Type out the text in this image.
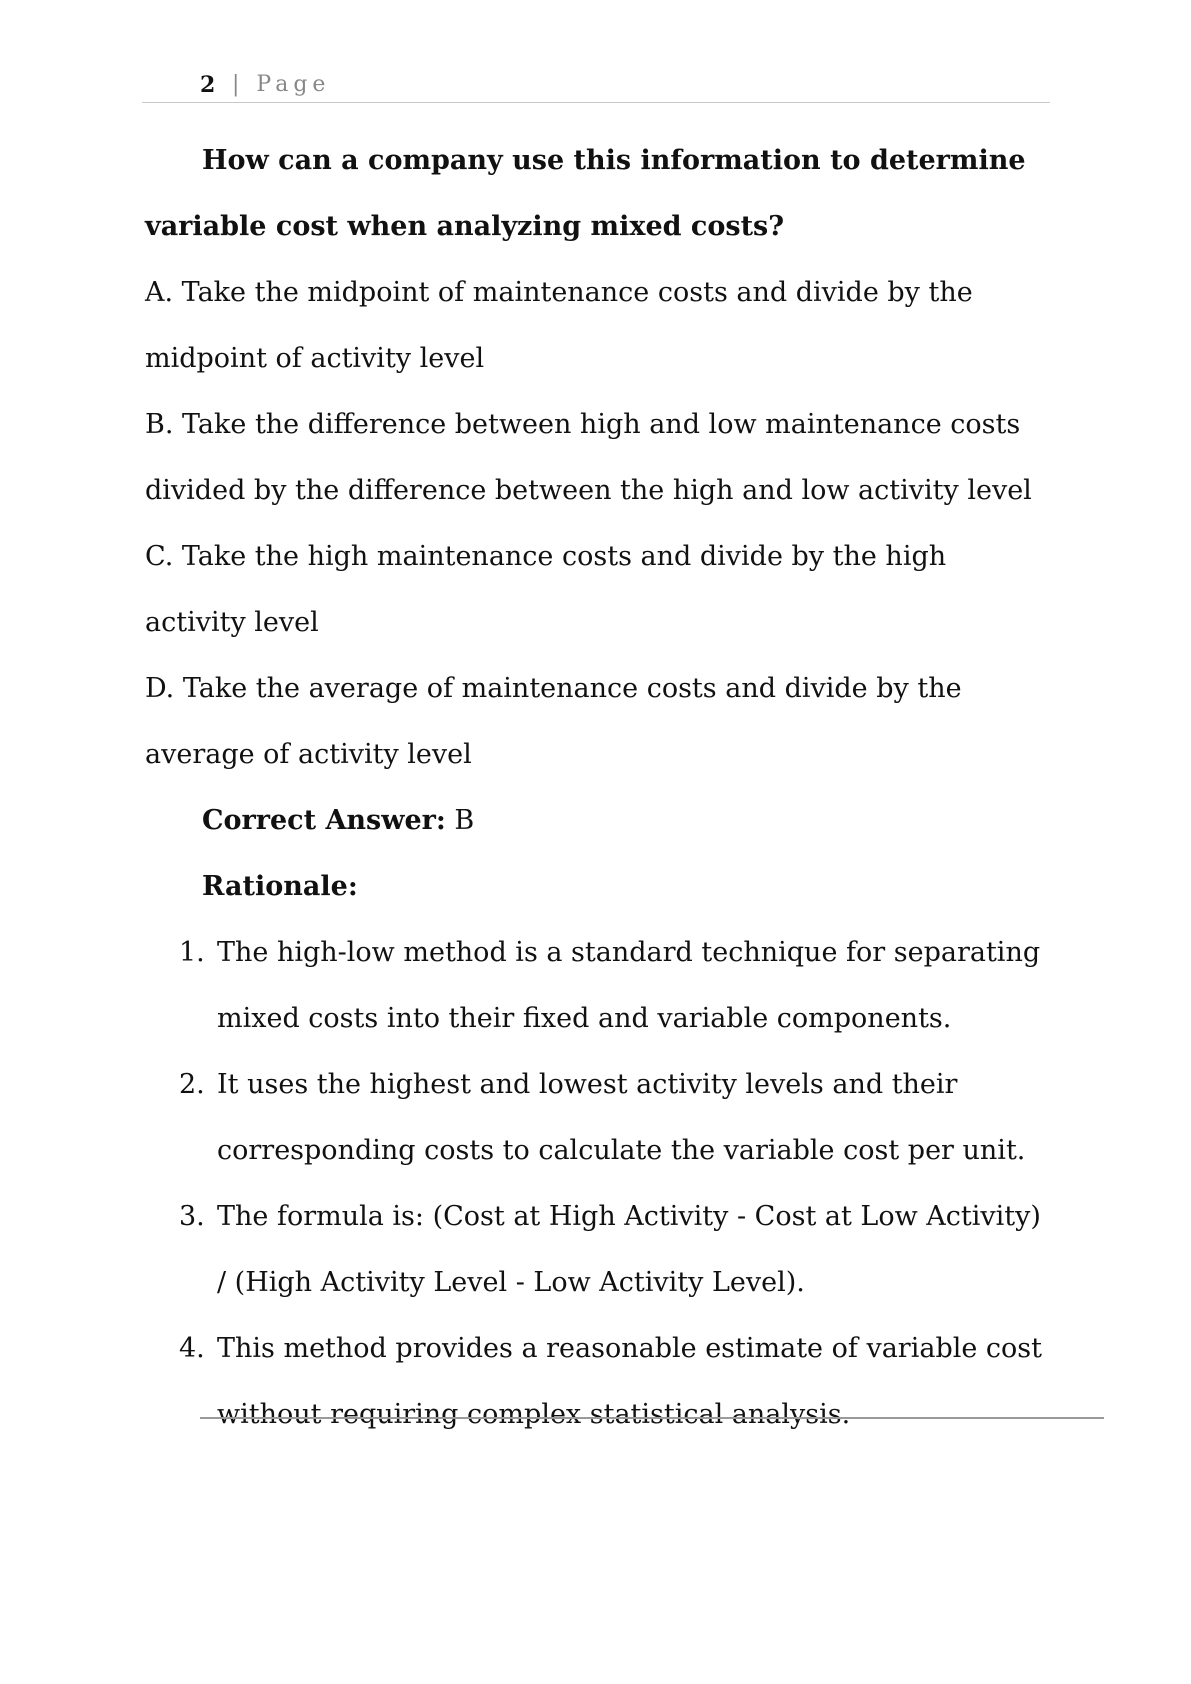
2 | Page

How can a company use this information to determine variable cost when analyzing mixed costs?

A. Take the midpoint of maintenance costs and divide by the midpoint of activity level

B. Take the difference between high and low maintenance costs divided by the difference between the high and low activity level

C. Take the high maintenance costs and divide by the high activity level

D. Take the average of maintenance costs and divide by the average of activity level

Correct Answer: B

Rationale:

1. The high-low method is a standard technique for separating mixed costs into their fixed and variable components.
2. It uses the highest and lowest activity levels and their corresponding costs to calculate the variable cost per unit.
3. The formula is: (Cost at High Activity - Cost at Low Activity) / (High Activity Level - Low Activity Level).
4. This method provides a reasonable estimate of variable cost without requiring complex statistical analysis.
